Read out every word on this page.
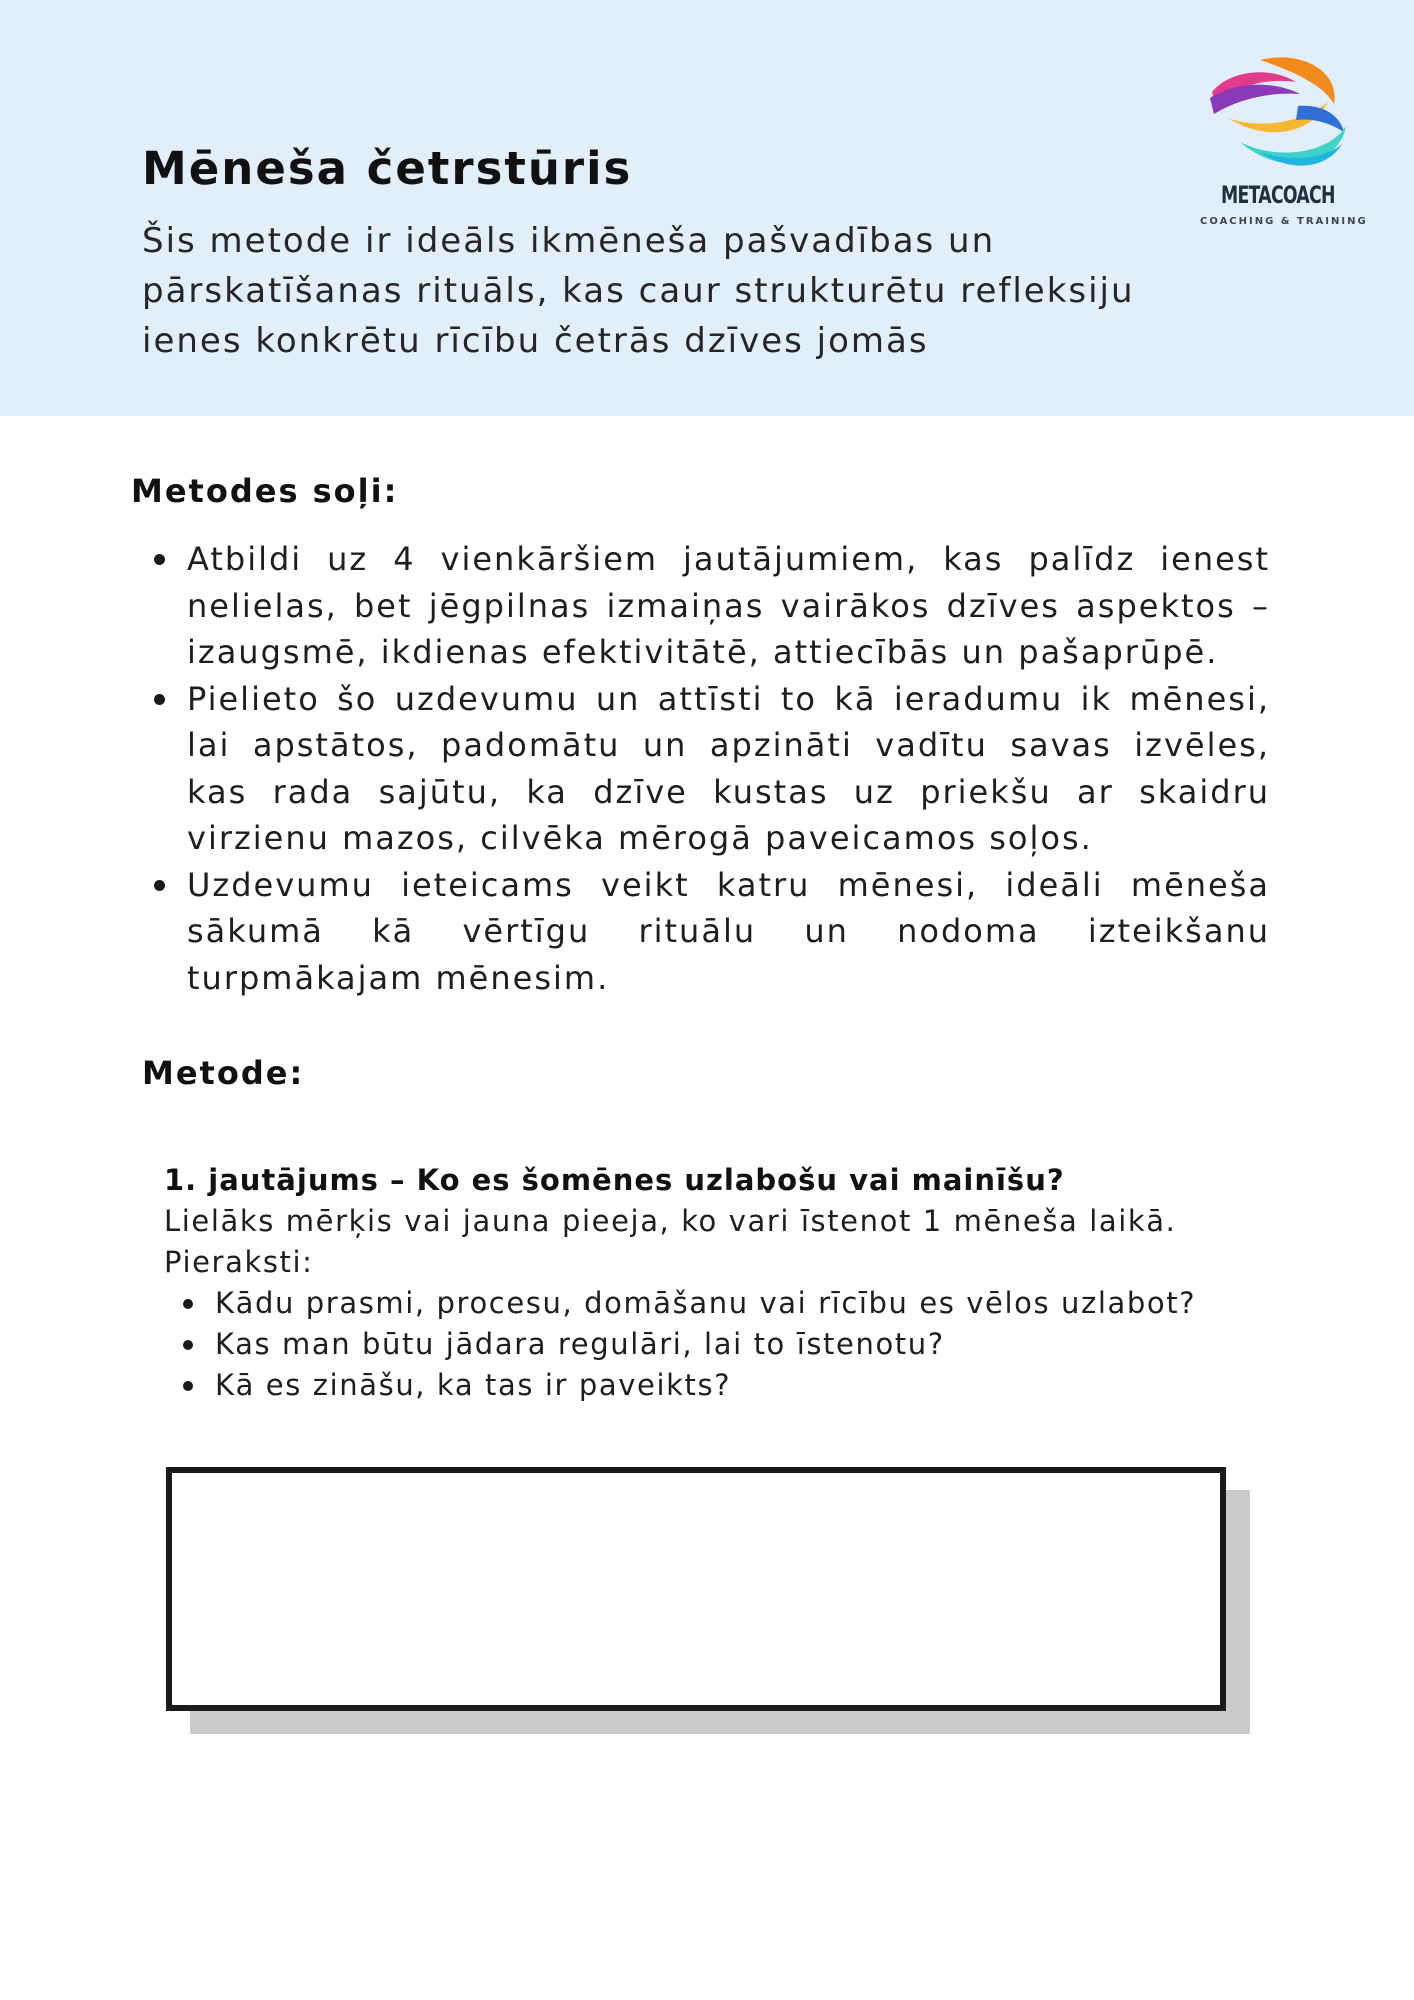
Mēneša četrstūris

Šis metode ir ideāls ikmēneša pašvadības un pārskatīšanas rituāls, kas caur strukturētu refleksiju ienes konkrētu rīcību četrās dzīves jomās

METACOACH
COACHING & TRAINING
Metodes soļi:
Atbildi uz 4 vienkāršiem jautājumiem, kas palīdz ienest nelielas, bet jēgpilnas izmaiņas vairākos dzīves aspektos – izaugsmē, ikdienas efektivitātē, attiecībās un pašaprūpē.
Pielieto šo uzdevumu un attīsti to kā ieradumu ik mēnesi, lai apstātos, padomātu un apzināti vadītu savas izvēles, kas rada sajūtu, ka dzīve kustas uz priekšu ar skaidru virzienu mazos, cilvēka mērogā paveicamos soļos.
Uzdevumu ieteicams veikt katru mēnesi, ideāli mēneša sākumā kā vērtīgu rituālu un nodoma izteikšanu turpmākajam mēnesim.
Metode:

1. jautājums – Ko es šomēnes uzlabošu vai mainīšu?

Lielāks mērķis vai jauna pieeja, ko vari īstenot 1 mēneša laikā.

Pieraksti:

Kādu prasmi, procesu, domāšanu vai rīcību es vēlos uzlabot?
Kas man būtu jādara regulāri, lai to īstenotu?
Kā es zināšu, ka tas ir paveikts?
